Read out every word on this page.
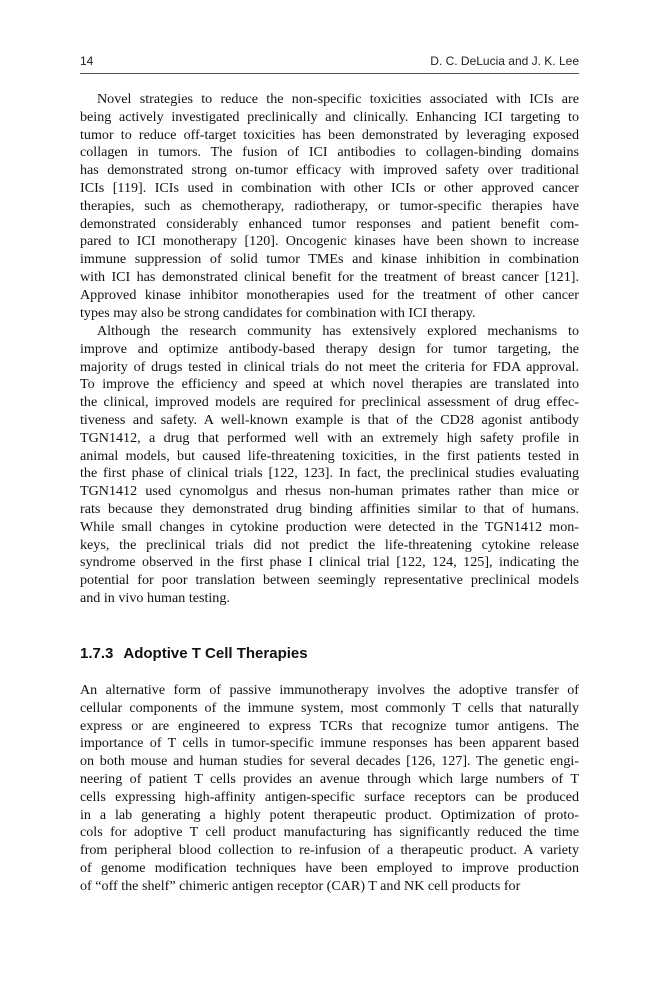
14	D. C. DeLucia and J. K. Lee
Novel strategies to reduce the non-specific toxicities associated with ICIs are
being actively investigated preclinically and clinically. Enhancing ICI targeting to
tumor to reduce off-target toxicities has been demonstrated by leveraging exposed
collagen in tumors. The fusion of ICI antibodies to collagen-binding domains
has demonstrated strong on-tumor efficacy with improved safety over traditional
ICIs [119]. ICIs used in combination with other ICIs or other approved cancer
therapies, such as chemotherapy, radiotherapy, or tumor-specific therapies have
demonstrated considerably enhanced tumor responses and patient benefit com-
pared to ICI monotherapy [120]. Oncogenic kinases have been shown to increase
immune suppression of solid tumor TMEs and kinase inhibition in combination
with ICI has demonstrated clinical benefit for the treatment of breast cancer [121].
Approved kinase inhibitor monotherapies used for the treatment of other cancer
types may also be strong candidates for combination with ICI therapy.
Although the research community has extensively explored mechanisms to
improve and optimize antibody-based therapy design for tumor targeting, the
majority of drugs tested in clinical trials do not meet the criteria for FDA approval.
To improve the efficiency and speed at which novel therapies are translated into
the clinical, improved models are required for preclinical assessment of drug effec-
tiveness and safety. A well-known example is that of the CD28 agonist antibody
TGN1412, a drug that performed well with an extremely high safety profile in
animal models, but caused life-threatening toxicities, in the first patients tested in
the first phase of clinical trials [122, 123]. In fact, the preclinical studies evaluating
TGN1412 used cynomolgus and rhesus non-human primates rather than mice or
rats because they demonstrated drug binding affinities similar to that of humans.
While small changes in cytokine production were detected in the TGN1412 mon-
keys, the preclinical trials did not predict the life-threatening cytokine release
syndrome observed in the first phase I clinical trial [122, 124, 125], indicating the
potential for poor translation between seemingly representative preclinical models
and in vivo human testing.
1.7.3 Adoptive T Cell Therapies
An alternative form of passive immunotherapy involves the adoptive transfer of
cellular components of the immune system, most commonly T cells that naturally
express or are engineered to express TCRs that recognize tumor antigens. The
importance of T cells in tumor-specific immune responses has been apparent based
on both mouse and human studies for several decades [126, 127]. The genetic engi-
neering of patient T cells provides an avenue through which large numbers of T
cells expressing high-affinity antigen-specific surface receptors can be produced
in a lab generating a highly potent therapeutic product. Optimization of proto-
cols for adoptive T cell product manufacturing has significantly reduced the time
from peripheral blood collection to re-infusion of a therapeutic product. A variety
of genome modification techniques have been employed to improve production
of “off the shelf” chimeric antigen receptor (CAR) T and NK cell products for
